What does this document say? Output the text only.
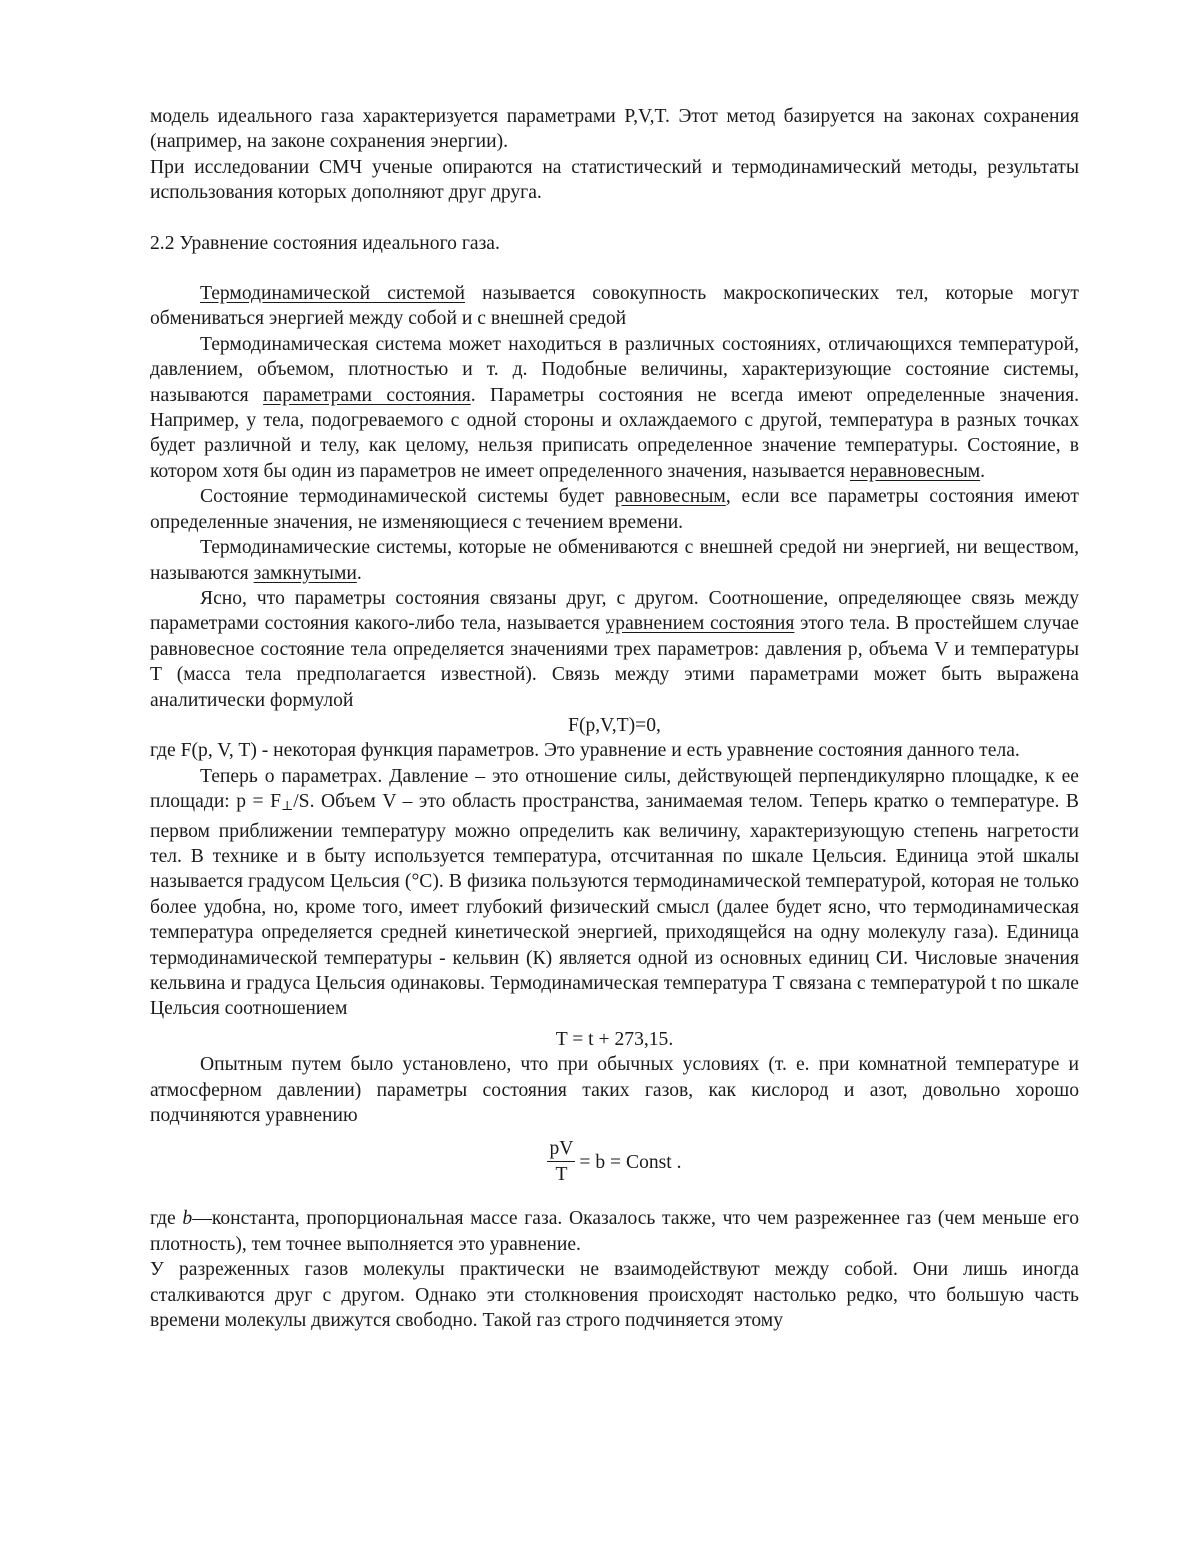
модель идеального газа характеризуется параметрами P,V,T. Этот метод базируется на законах сохранения (например, на законе сохранения энергии).

При исследовании СМЧ ученые опираются на статистический и термодинамический методы, результаты использования которых дополняют друг друга.

2.2 Уравнение состояния идеального газа.

Термодинамической системой называется совокупность макроскопических тел, которые могут обмениваться энергией между собой и с внешней средой

Термодинамическая система может находиться в различных состояниях, отличающихся температурой, давлением, объемом, плотностью и т. д. Подобные величины, характеризующие состояние системы, называются параметрами состояния. Параметры состояния не всегда имеют определенные значения. Например, у тела, подогреваемого с одной стороны и охлаждаемого с другой, температура в разных точках будет различной и телу, как целому, нельзя приписать определенное значение температуры. Состояние, в котором хотя бы один из параметров не имеет определенного значения, называется неравновесным.

Состояние термодинамической системы будет равновесным, если все параметры состояния имеют определенные значения, не изменяющиеся с течением времени.

Термодинамические системы, которые не обмениваются с внешней средой ни энергией, ни веществом, называются замкнутыми.

Ясно, что параметры состояния связаны друг, с другом. Соотношение, определяющее связь между параметрами состояния какого-либо тела, называется уравнением состояния этого тела. В простейшем случае равновесное состояние тела определяется значениями трех параметров: давления p, объема V и температуры T (масса тела предполагается известной). Связь между этими параметрами может быть выражена аналитически формулой

F(p,V,T)=0,

где F(p, V, T) - некоторая функция параметров. Это уравнение и есть уравнение состояния данного тела.

Теперь о параметрах. Давление – это отношение силы, действующей перпендикулярно площадке, к ее площади: p = F⊥/S. Объем V – это область пространства, занимаемая телом. Теперь кратко о температуре. В первом приближении температуру можно определить как величину, характеризующую степень нагретости тел. В технике и в быту используется температура, отсчитанная по шкале Цельсия. Единица этой шкалы называется градусом Цельсия (°C). В физика пользуются термодинамической температурой, которая не только более удобна, но, кроме того, имеет глубокий физический смысл (далее будет ясно, что термодинамическая температура определяется средней кинетической энергией, приходящейся на одну молекулу газа). Единица термодинамической температуры - кельвин (К) является одной из основных единиц СИ. Числовые значения кельвина и градуса Цельсия одинаковы. Термодинамическая температура T связана с температурой t по шкале Цельсия соотношением

T = t + 273,15.

Опытным путем было установлено, что при обычных условиях (т. е. при комнатной температуре и атмосферном давлении) параметры состояния таких газов, как кислород и азот, довольно хорошо подчиняются уравнению

$\frac{pV}{T} = b$ = Const .

где b—константа, пропорциональная массе газа. Оказалось также, что чем разреженнее газ (чем меньше его плотность), тем точнее выполняется это уравнение.

У разреженных газов молекулы практически не взаимодействуют между собой. Они лишь иногда сталкиваются друг с другом. Однако эти столкновения происходят настолько редко, что большую часть времени молекулы движутся свободно. Такой газ строго подчиняется этому
